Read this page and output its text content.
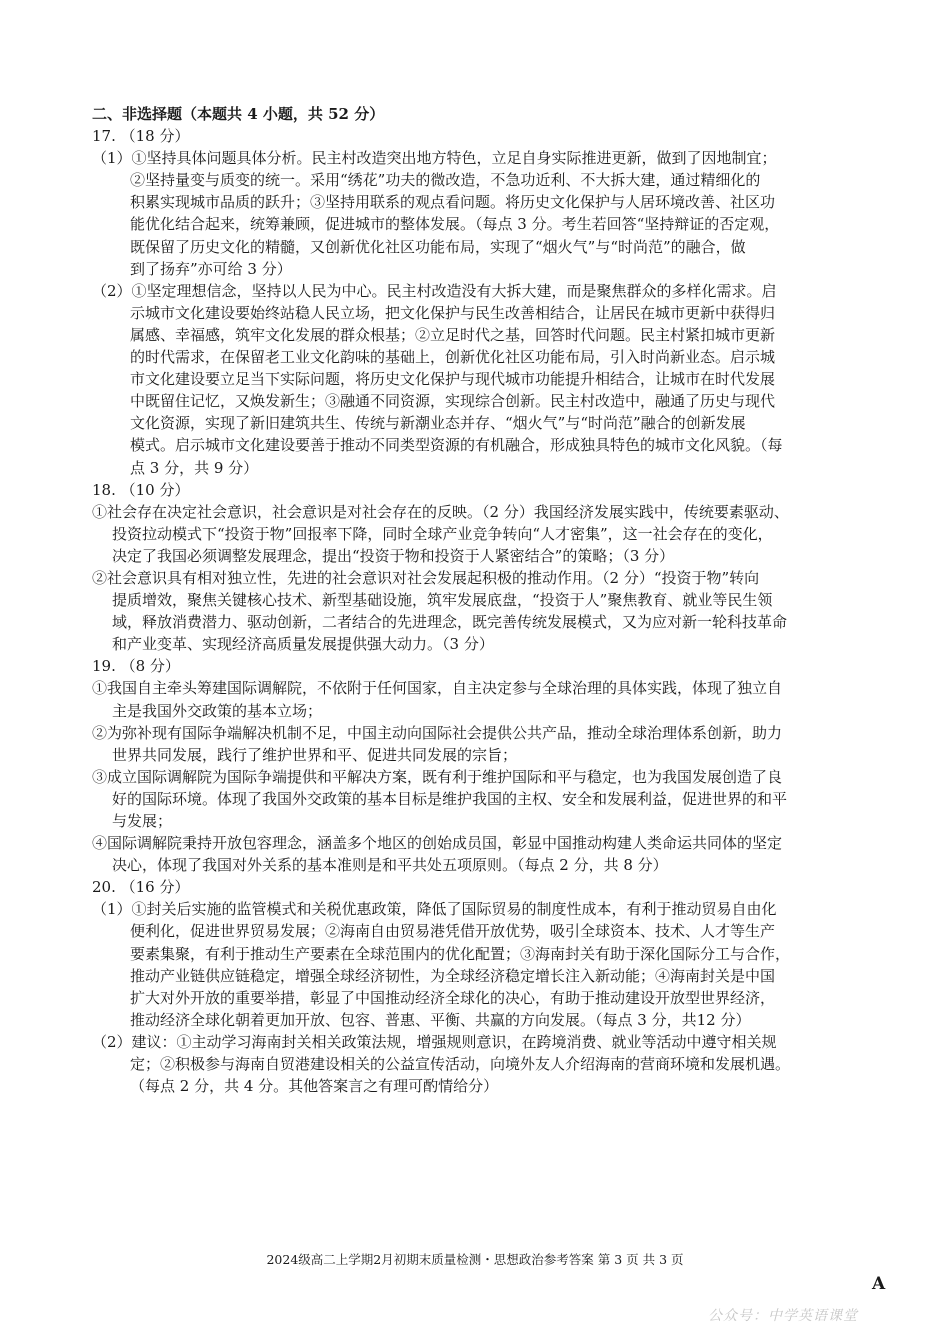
二、非选择题（本题共 4 小题，共 52 分）
17. （18 分）
（1）①坚持具体问题具体分析。民主村改造突出地方特色，立足自身实际推进更新，做到了因地制宜；
②坚持量变与质变的统一。采用“绣花”功夫的微改造，不急功近利、不大拆大建，通过精细化的
积累实现城市品质的跃升；③坚持用联系的观点看问题。将历史文化保护与人居环境改善、社区功
能优化结合起来，统筹兼顾，促进城市的整体发展。（每点 3 分。考生若回答“坚持辩证的否定观，
既保留了历史文化的精髓，又创新优化社区功能布局，实现了“烟火气”与“时尚范”的融合，做
到了扬弃”亦可给 3 分）
（2）①坚定理想信念，坚持以人民为中心。民主村改造没有大拆大建，而是聚焦群众的多样化需求。启
示城市文化建设要始终站稳人民立场，把文化保护与民生改善相结合，让居民在城市更新中获得归
属感、幸福感，筑牢文化发展的群众根基；②立足时代之基，回答时代问题。民主村紧扣城市更新
的时代需求，在保留老工业文化韵味的基础上，创新优化社区功能布局，引入时尚新业态。启示城
市文化建设要立足当下实际问题，将历史文化保护与现代城市功能提升相结合，让城市在时代发展
中既留住记忆，又焕发新生；③融通不同资源，实现综合创新。民主村改造中，融通了历史与现代
文化资源，实现了新旧建筑共生、传统与新潮业态并存、“烟火气”与“时尚范”融合的创新发展
模式。启示城市文化建设要善于推动不同类型资源的有机融合，形成独具特色的城市文化风貌。（每
点 3 分，共 9 分）
18. （10 分）
①社会存在决定社会意识，社会意识是对社会存在的反映。（2 分）我国经济发展实践中，传统要素驱动、
投资拉动模式下“投资于物”回报率下降，同时全球产业竞争转向“人才密集”，这一社会存在的变化，
决定了我国必须调整发展理念，提出“投资于物和投资于人紧密结合”的策略；（3 分）
②社会意识具有相对独立性，先进的社会意识对社会发展起积极的推动作用。（2 分）“投资于物”转向
提质增效，聚焦关键核心技术、新型基础设施，筑牢发展底盘，“投资于人”聚焦教育、就业等民生领
域，释放消费潜力、驱动创新，二者结合的先进理念，既完善传统发展模式，又为应对新一轮科技革命
和产业变革、实现经济高质量发展提供强大动力。（3 分）
19. （8 分）
①我国自主牵头筹建国际调解院，不依附于任何国家，自主决定参与全球治理的具体实践，体现了独立自
主是我国外交政策的基本立场；
②为弥补现有国际争端解决机制不足，中国主动向国际社会提供公共产品，推动全球治理体系创新，助力
世界共同发展，践行了维护世界和平、促进共同发展的宗旨；
③成立国际调解院为国际争端提供和平解决方案，既有利于维护国际和平与稳定，也为我国发展创造了良
好的国际环境。体现了我国外交政策的基本目标是维护我国的主权、安全和发展利益，促进世界的和平
与发展；
④国际调解院秉持开放包容理念，涵盖多个地区的创始成员国，彰显中国推动构建人类命运共同体的坚定
决心，体现了我国对外关系的基本准则是和平共处五项原则。（每点 2 分，共 8 分）
20. （16 分）
（1）①封关后实施的监管模式和关税优惠政策，降低了国际贸易的制度性成本，有利于推动贸易自由化
便利化，促进世界贸易发展；②海南自由贸易港凭借开放优势，吸引全球资本、技术、人才等生产
要素集聚，有利于推动生产要素在全球范围内的优化配置；③海南封关有助于深化国际分工与合作，
推动产业链供应链稳定，增强全球经济韧性，为全球经济稳定增长注入新动能；④海南封关是中国
扩大对外开放的重要举措，彰显了中国推动经济全球化的决心，有助于推动建设开放型世界经济，
推动经济全球化朝着更加开放、包容、普惠、平衡、共赢的方向发展。（每点 3 分，共12 分）
（2）建议：①主动学习海南封关相关政策法规，增强规则意识，在跨境消费、就业等活动中遵守相关规
定；②积极参与海南自贸港建设相关的公益宣传活动，向境外友人介绍海南的营商环境和发展机遇。
（每点 2 分，共 4 分。其他答案言之有理可酌情给分）
2024级高二上学期2月初期末质量检测・思想政治参考答案 第 3 页 共 3 页
A
公众号：中学英语课堂
